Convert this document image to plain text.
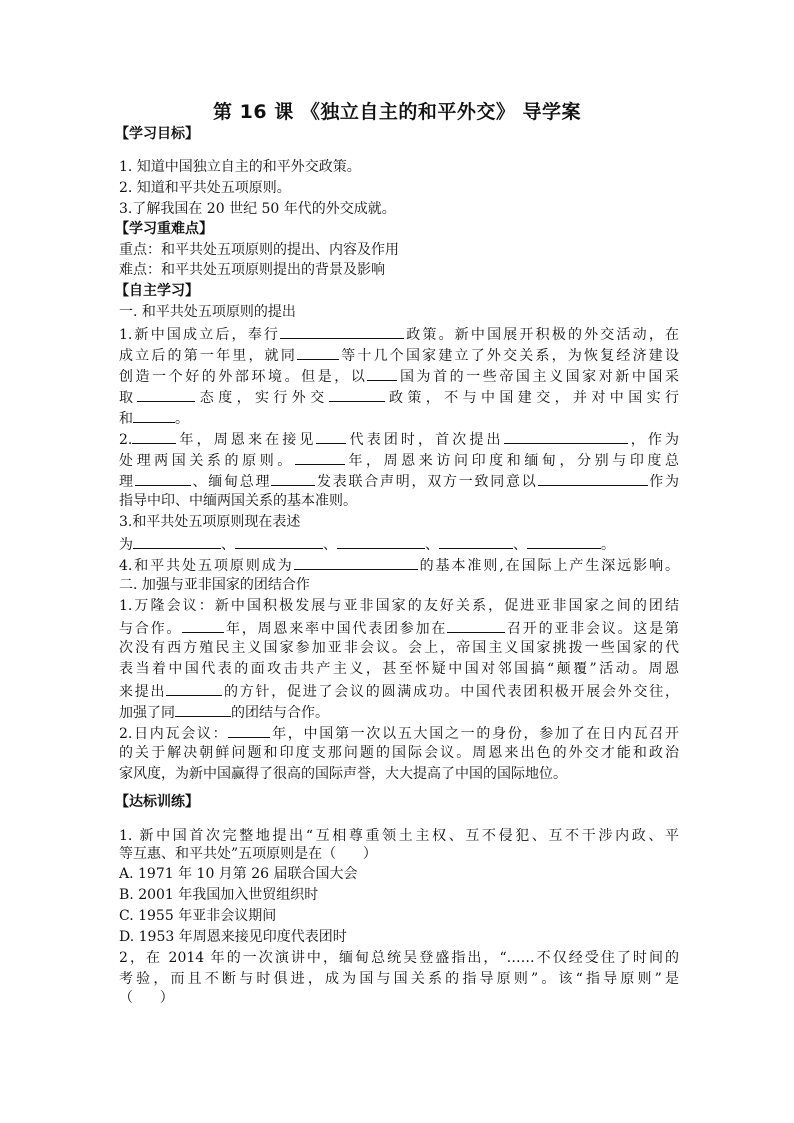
第 16 课 《独立自主的和平外交》 导学案
【学习目标】
1. 知道中国独立自主的和平外交政策。
2. 知道和平共处五项原则。
3.了解我国在 20 世纪 50 年代的外交成就。
【学习重难点】
重点：和平共处五项原则的提出、内容及作用
难点：和平共处五项原则提出的背景及影响
【自主学习】
一. 和平共处五项原则的提出
1.新中国成立后，奉行	政策。新中国展开积极的外交活动，在
成立后的第一年里，就同	等十几个国家建立了外交关系，为恢复经济建设
创造一个好的外部环境。但是，以 国为首的一些帝国主义国家对新中国采
取	态度，实行外交	政策，不与中国建交，并对中国实行
和	。
2.	年，周恩来在接见 代表团时，首次提出	，作为
处理两国关系的原则。	年，周恩来访问印度和缅甸，分别与印度总
理	、缅甸总理	发表联合声明，双方一致同意以	作为
指导中印、中缅两国关系的基本准则。
3.和平共处五项原则现在表述
为	、	、	、	、	。
4.和平共处五项原则成为	的基本准则,在国际上产生深远影响。
二. 加强与亚非国家的团结合作
1.万隆会议：新中国积极发展与亚非国家的友好关系，促进亚非国家之间的团结
与合作。	年，周恩来率中国代表团参加在	召开的亚非会议。这是第
次没有西方殖民主义国家参加亚非会议。会上，帝国主义国家挑拨一些国家的代
表当着中国代表的面攻击共产主义，甚至怀疑中国对邻国搞“颠覆”活动。周恩
来提出	的方针，促进了会议的圆满成功。中国代表团积极开展会外交往，
加强了同	的团结与合作。
2.日内瓦会议：	年，中国第一次以五大国之一的身份，参加了在日内瓦召开
的关于解决朝鲜问题和印度支那问题的国际会议。周恩来出色的外交才能和政治
家风度，为新中国赢得了很高的国际声誉，大大提高了中国的国际地位。
【达标训练】
1. 新中国首次完整地提出“互相尊重领土主权、互不侵犯、互不干涉内政、平
等互惠、和平共处”五项原则是在（      ）
A. 1971 年 10 月第 26 届联合国大会
B. 2001 年我国加入世贸组织时
C. 1955 年亚非会议期间
D. 1953 年周恩来接见印度代表团时
2，在 2014 年的一次演讲中，缅甸总统吴登盛指出，“……不仅经受住了时间的
考验，而且不断与时俱进，成为国与国关系的指导原则”。该“指导原则”是
（      ）
